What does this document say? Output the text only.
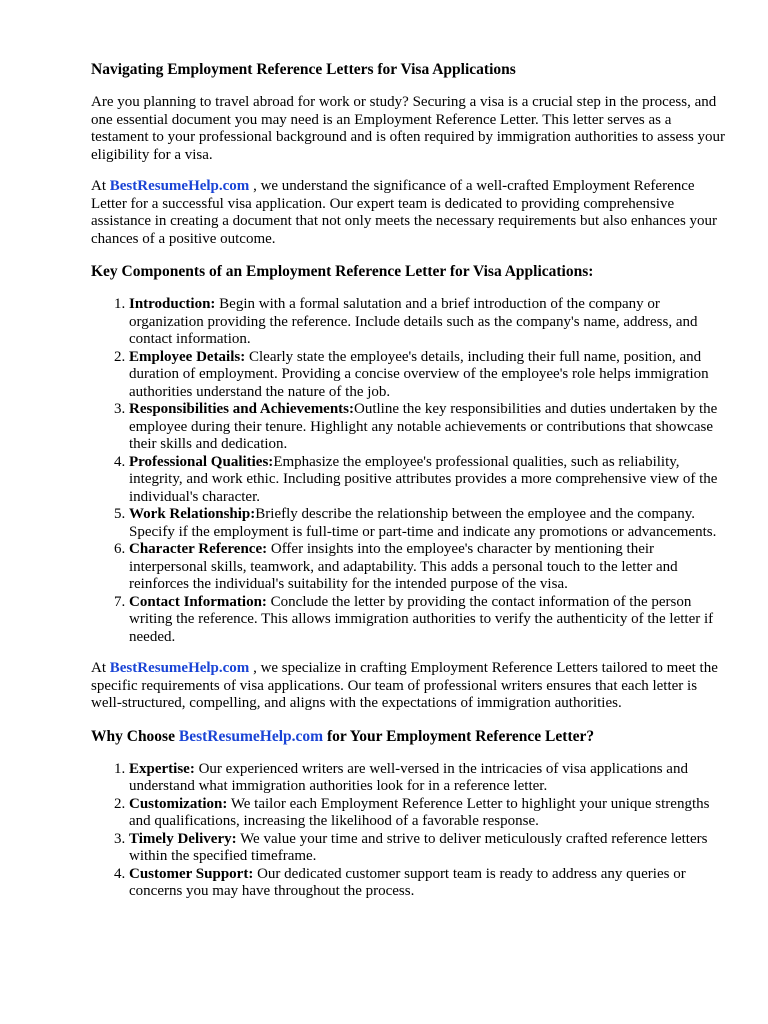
Navigating Employment Reference Letters for Visa Applications

Are you planning to travel abroad for work or study? Securing a visa is a crucial step in the process, and one essential document you may need is an Employment Reference Letter. This letter serves as a testament to your professional background and is often required by immigration authorities to assess your eligibility for a visa.

At BestResumeHelp.com , we understand the significance of a well-crafted Employment Reference Letter for a successful visa application. Our expert team is dedicated to providing comprehensive assistance in creating a document that not only meets the necessary requirements but also enhances your chances of a positive outcome.

Key Components of an Employment Reference Letter for Visa Applications:
1. Introduction: Begin with a formal salutation and a brief introduction of the company or organization providing the reference. Include details such as the company's name, address, and contact information.
2. Employee Details: Clearly state the employee's details, including their full name, position, and duration of employment. Providing a concise overview of the employee's role helps immigration authorities understand the nature of the job.
3. Responsibilities and Achievements:Outline the key responsibilities and duties undertaken by the employee during their tenure. Highlight any notable achievements or contributions that showcase their skills and dedication.
4. Professional Qualities:Emphasize the employee's professional qualities, such as reliability, integrity, and work ethic. Including positive attributes provides a more comprehensive view of the individual's character.
5. Work Relationship:Briefly describe the relationship between the employee and the company. Specify if the employment is full-time or part-time and indicate any promotions or advancements.
6. Character Reference: Offer insights into the employee's character by mentioning their interpersonal skills, teamwork, and adaptability. This adds a personal touch to the letter and reinforces the individual's suitability for the intended purpose of the visa.
7. Contact Information: Conclude the letter by providing the contact information of the person writing the reference. This allows immigration authorities to verify the authenticity of the letter if needed.

At BestResumeHelp.com , we specialize in crafting Employment Reference Letters tailored to meet the specific requirements of visa applications. Our team of professional writers ensures that each letter is well-structured, compelling, and aligns with the expectations of immigration authorities.

Why Choose BestResumeHelp.com for Your Employment Reference Letter?
1. Expertise: Our experienced writers are well-versed in the intricacies of visa applications and understand what immigration authorities look for in a reference letter.
2. Customization: We tailor each Employment Reference Letter to highlight your unique strengths and qualifications, increasing the likelihood of a favorable response.
3. Timely Delivery: We value your time and strive to deliver meticulously crafted reference letters within the specified timeframe.
4. Customer Support: Our dedicated customer support team is ready to address any queries or concerns you may have throughout the process.
